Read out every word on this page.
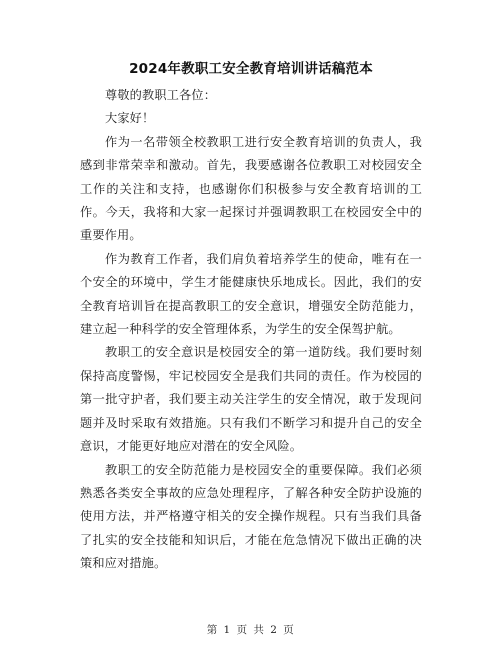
2024年教职工安全教育培训讲话稿范本

尊敬的教职工各位：

大家好！

作为一名带领全校教职工进行安全教育培训的负责人，我感到非常荣幸和激动。首先，我要感谢各位教职工对校园安全工作的关注和支持，也感谢你们积极参与安全教育培训的工作。今天，我将和大家一起探讨并强调教职工在校园安全中的重要作用。

作为教育工作者，我们肩负着培养学生的使命，唯有在一个安全的环境中，学生才能健康快乐地成长。因此，我们的安全教育培训旨在提高教职工的安全意识，增强安全防范能力，建立起一种科学的安全管理体系，为学生的安全保驾护航。

教职工的安全意识是校园安全的第一道防线。我们要时刻保持高度警惕，牢记校园安全是我们共同的责任。作为校园的第一批守护者，我们要主动关注学生的安全情况，敢于发现问题并及时采取有效措施。只有我们不断学习和提升自己的安全意识，才能更好地应对潜在的安全风险。

教职工的安全防范能力是校园安全的重要保障。我们必须熟悉各类安全事故的应急处理程序，了解各种安全防护设施的使用方法，并严格遵守相关的安全操作规程。只有当我们具备了扎实的安全技能和知识后，才能在危急情况下做出正确的决策和应对措施。

第 1 页 共 2 页
